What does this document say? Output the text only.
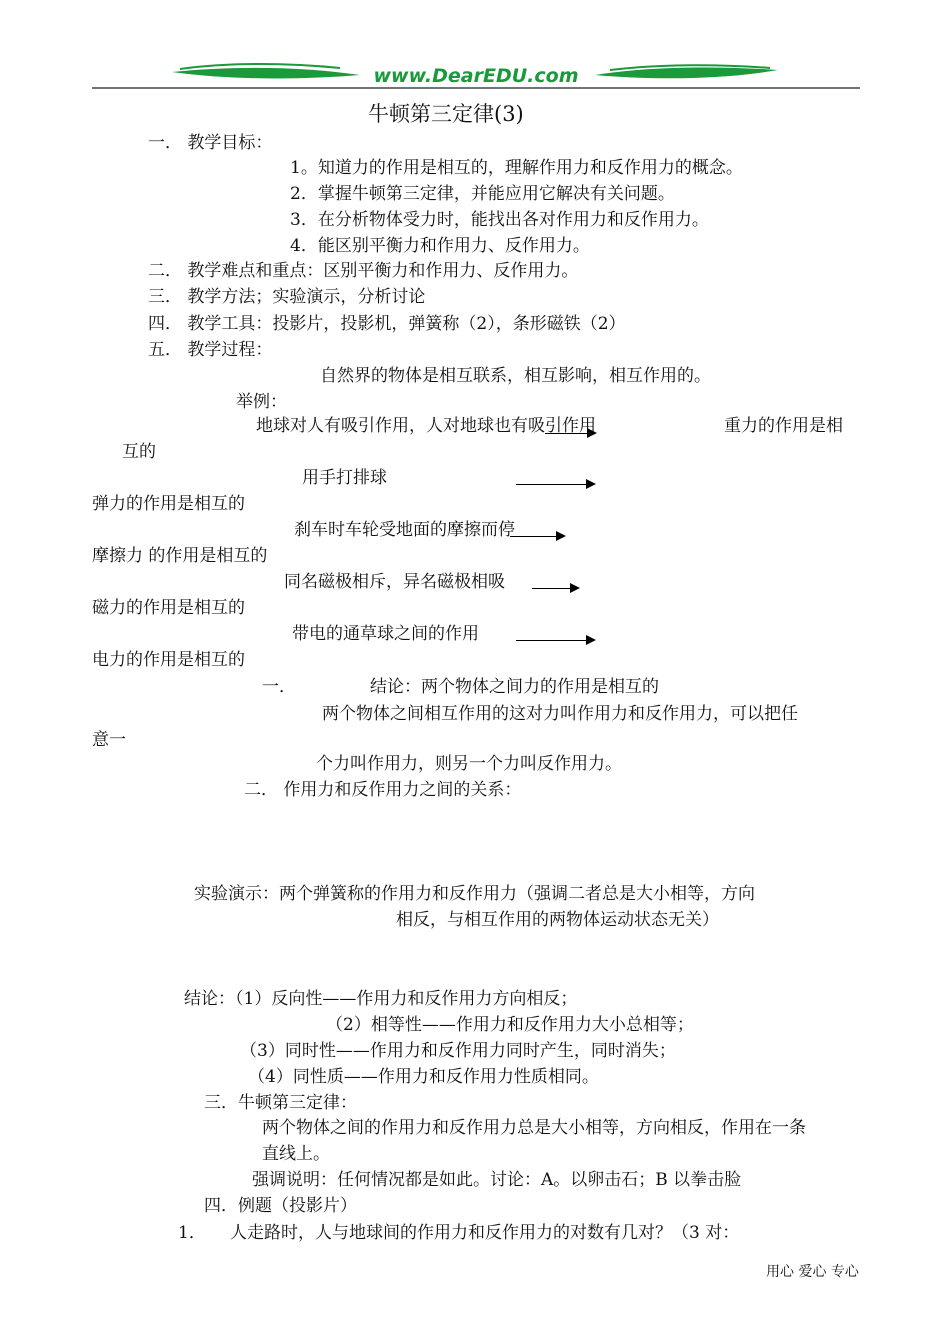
www.DearEDU.com
牛顿第三定律(3)
一． 教学目标：
1。知道力的作用是相互的，理解作用力和反作用力的概念。
2．掌握牛顿第三定律，并能应用它解决有关问题。
3．在分析物体受力时，能找出各对作用力和反作用力。
4．能区别平衡力和作用力、反作用力。
二． 教学难点和重点：区别平衡力和作用力、反作用力。
三． 教学方法；实验演示，分析讨论
四． 教学工具：投影片，投影机，弹簧称（2），条形磁铁（2）
五． 教学过程：
自然界的物体是相互联系，相互影响，相互作用的。
举例：
地球对人有吸引作用，人对地球也有吸引作用	重力的作用是相
互的
用手打排球
弹力的作用是相互的
刹车时车轮受地面的摩擦而停
摩擦力 的作用是相互的
同名磁极相斥，异名磁极相吸
磁力的作用是相互的
带电的通草球之间的作用
电力的作用是相互的
一．	结论：两个物体之间力的作用是相互的
两个物体之间相互作用的这对力叫作用力和反作用力，可以把任
意一
个力叫作用力，则另一个力叫反作用力。
二． 作用力和反作用力之间的关系：
实验演示：两个弹簧称的作用力和反作用力（强调二者总是大小相等，方向
相反，与相互作用的两物体运动状态无关）
结论：（1）反向性——作用力和反作用力方向相反；
（2）相等性——作用力和反作用力大小总相等；
（3）同时性——作用力和反作用力同时产生，同时消失；
（4）同性质——作用力和反作用力性质相同。
三．牛顿第三定律：
两个物体之间的作用力和反作用力总是大小相等，方向相反，作用在一条
直线上。
强调说明：任何情况都是如此。讨论：A。以卵击石；B 以拳击脸
四．例题（投影片）
1． 人走路时，人与地球间的作用力和反作用力的对数有几对？（3 对：
用心 爱心 专心
